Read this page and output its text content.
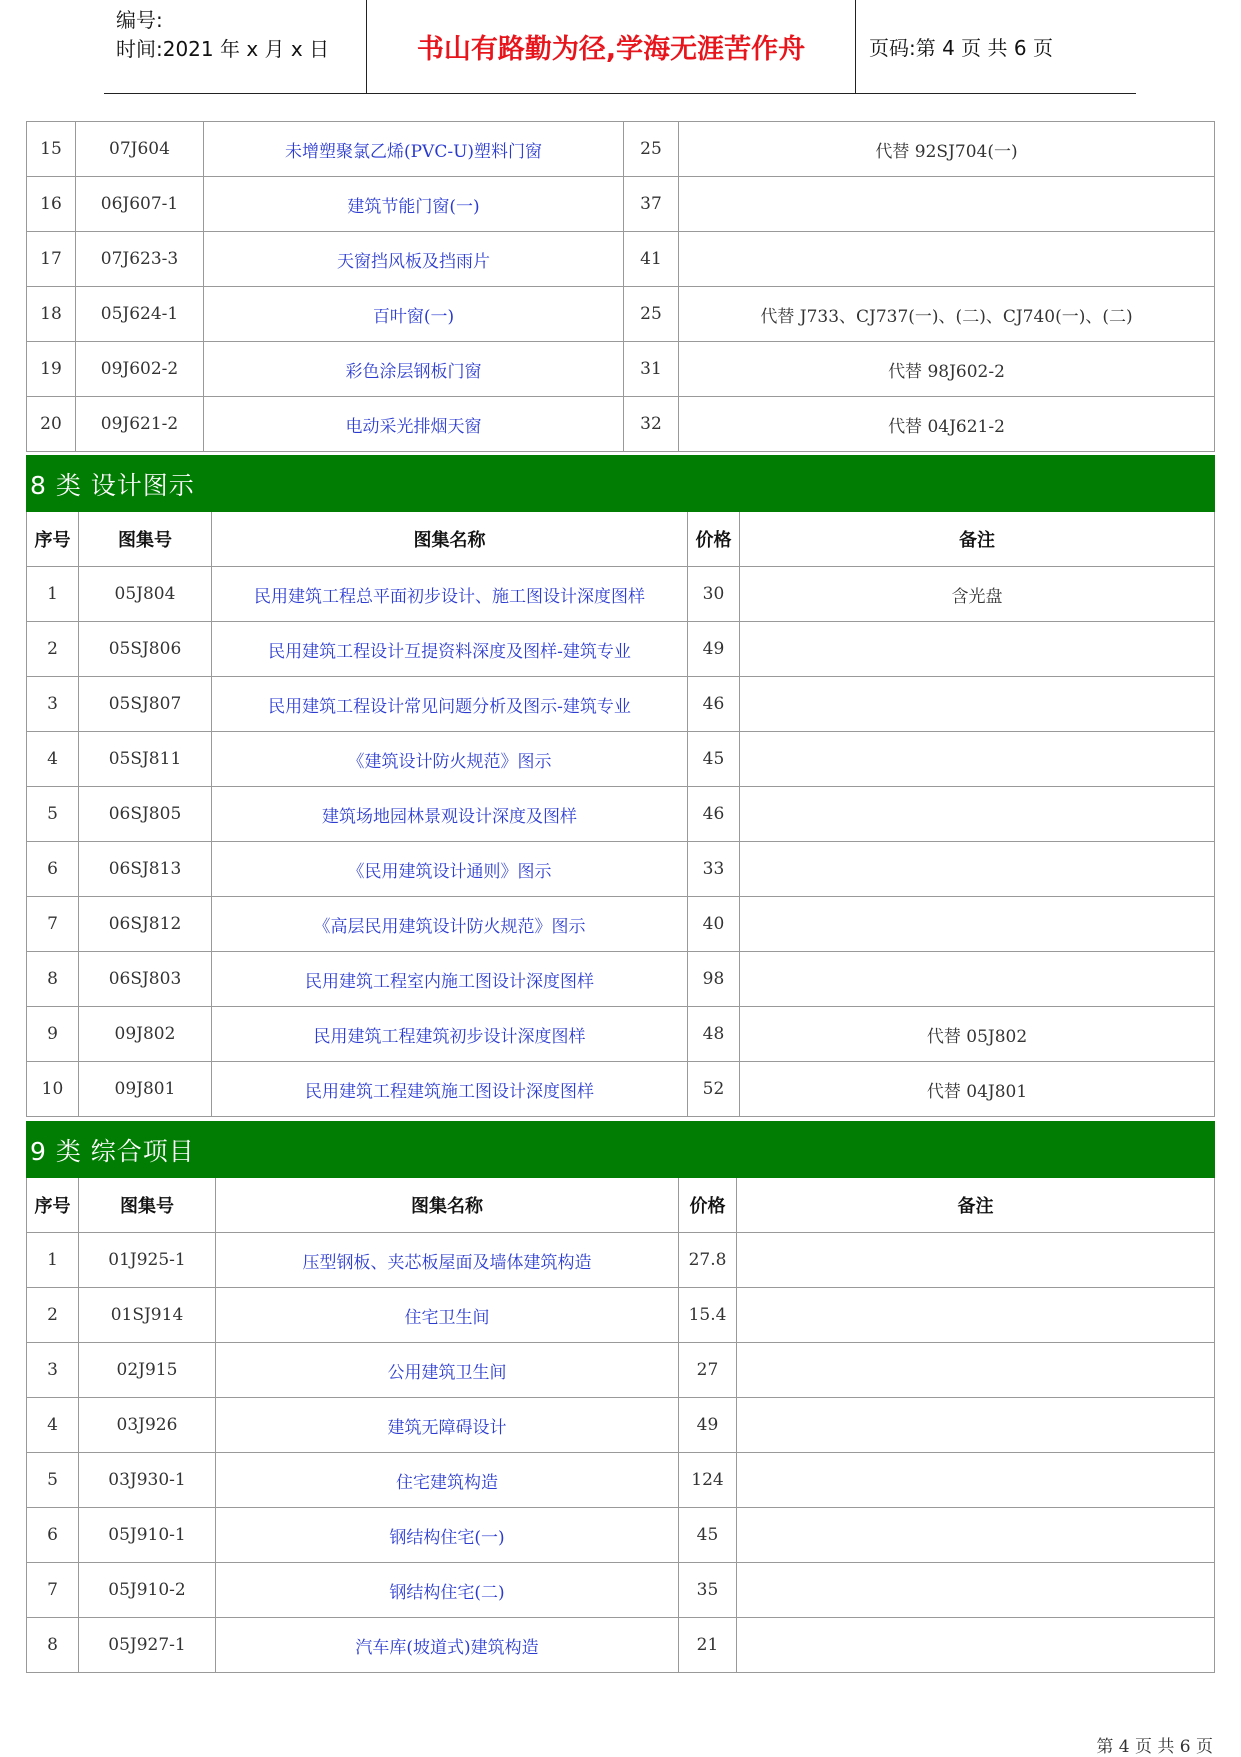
编号:
时间:2021 年 x 月 x 日	书山有路勤为径,学海无涯苦作舟	页码:第 4 页 共 6 页
15	07J604	未增塑聚氯乙烯(PVC-U)塑料门窗	25	代替 92SJ704(一)
16	06J607-1	建筑节能门窗(一)	37	
17	07J623-3	天窗挡风板及挡雨片	41	
18	05J624-1	百叶窗(一)	25	代替 J733、CJ737(一)、(二)、CJ740(一)、(二)
19	09J602-2	彩色涂层钢板门窗	31	代替 98J602-2
20	09J621-2	电动采光排烟天窗	32	代替 04J621-2
8 类 设计图示				
序号	图集号	图集名称	价格	备注
1	05J804	民用建筑工程总平面初步设计、施工图设计深度图样	30	含光盘
2	05SJ806	民用建筑工程设计互提资料深度及图样-建筑专业	49	
3	05SJ807	民用建筑工程设计常见问题分析及图示-建筑专业	46	
4	05SJ811	《建筑设计防火规范》图示	45	
5	06SJ805	建筑场地园林景观设计深度及图样	46	
6	06SJ813	《民用建筑设计通则》图示	33	
7	06SJ812	《高层民用建筑设计防火规范》图示	40	
8	06SJ803	民用建筑工程室内施工图设计深度图样	98	
9	09J802	民用建筑工程建筑初步设计深度图样	48	代替 05J802
10	09J801	民用建筑工程建筑施工图设计深度图样	52	代替 04J801
9 类 综合项目				
序号	图集号	图集名称	价格	备注
1	01J925-1	压型钢板、夹芯板屋面及墙体建筑构造	27.8	
2	01SJ914	住宅卫生间	15.4	
3	02J915	公用建筑卫生间	27	
4	03J926	建筑无障碍设计	49	
5	03J930-1	住宅建筑构造	124	
6	05J910-1	钢结构住宅(一)	45	
7	05J910-2	钢结构住宅(二)	35	
8	05J927-1	汽车库(坡道式)建筑构造	21	
第 4 页 共 6 页
